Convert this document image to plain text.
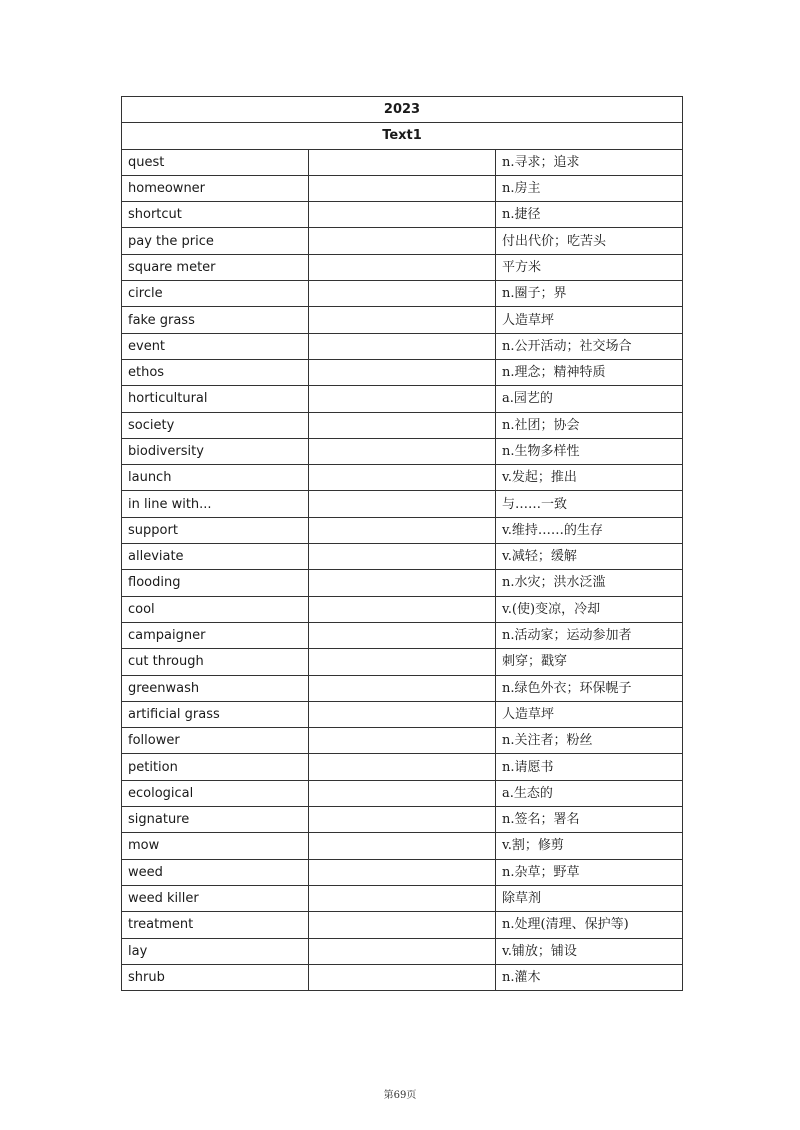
2023		
Text1		
quest		n.寻求；追求
homeowner		n.房主
shortcut		n.捷径
pay the price		付出代价；吃苦头
square meter		平方米
circle		n.圈子；界
fake grass		人造草坪
event		n.公开活动；社交场合
ethos		n.理念；精神特质
horticultural		a.园艺的
society		n.社团；协会
biodiversity		n.生物多样性
launch		v.发起；推出
in line with...		与……一致
support		v.维持……的生存
alleviate		v.减轻；缓解
flooding		n.水灾；洪水泛滥
cool		v.(使)变凉，冷却
campaigner		n.活动家；运动参加者
cut through		刺穿；戳穿
greenwash		n.绿色外衣；环保幌子
artificial grass		人造草坪
follower		n.关注者；粉丝
petition		n.请愿书
ecological		a.生态的
signature		n.签名；署名
mow		v.割；修剪
weed		n.杂草；野草
weed killer		除草剂
treatment		n.处理(清理、保护等)
lay		v.铺放；铺设
shrub		n.灌木
第69页
